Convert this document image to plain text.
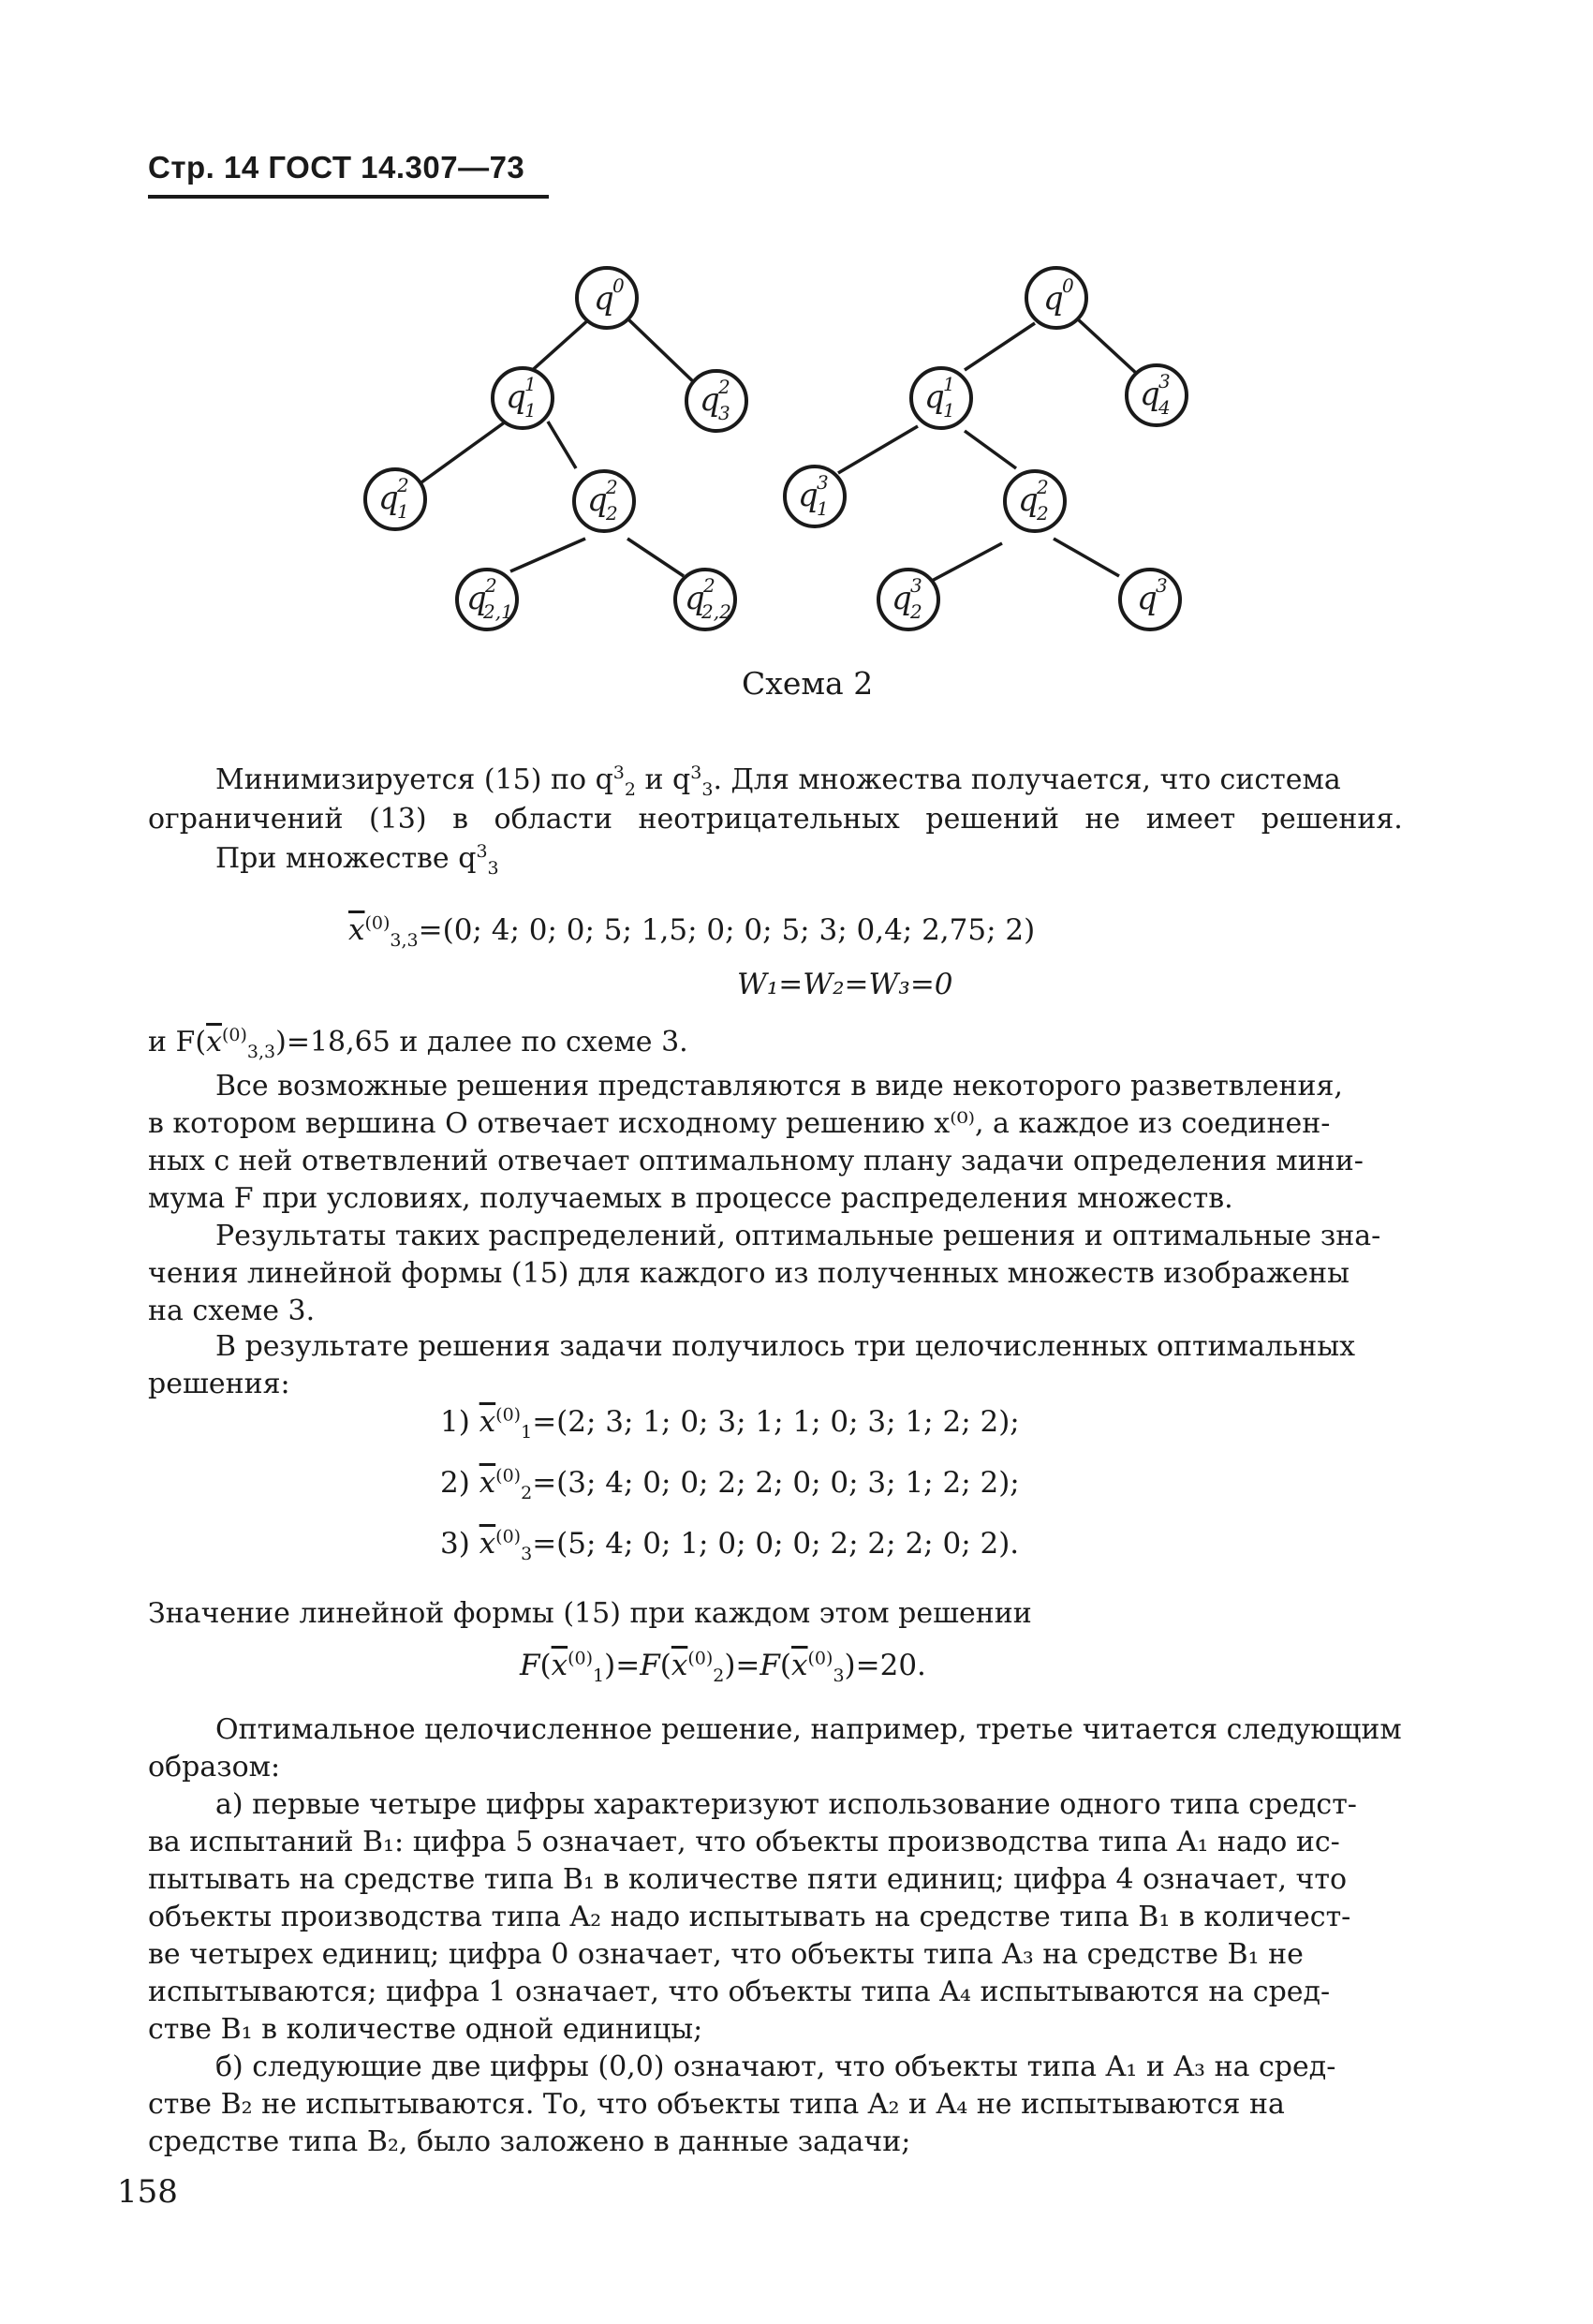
Стр. 14 ГОСТ 14.307—73
q
0
q
1
1	q
2
3
q
2
1	q
2
2
q
2
2,1	q
2
2,2
q
0
q
1
1	q
3
4
q
3
1	q
2
2
q
3
2	q
3
Схема 2
Минимизируется (15) по $q^3_2$ и $q^3_3$. Для множества получается, что система
ограничений (13) в области неотрицательных решений не имеет решения.
При множестве $q^3_3$
$\overline{x}^{(0)}_{3,3}=(0$; 4; 0; 0; 5; 1,5; 0; 0; 5; 3; 0,4; 2,75; 2)
W₁=W₂=W₃=0
и $F(\overline{x}^{(0)}_{3,3})=18,65$ и далее по схеме 3.
Все возможные решения представляются в виде некоторого разветвления,
в котором вершина О отвечает исходному решению x⁽⁰⁾, а каждое из соединен-
ных с ней ответвлений отвечает оптимальному плану задачи определения мини-
мума F при условиях, получаемых в процессе распределения множеств.
Результаты таких распределений, оптимальные решения и оптимальные зна-
чения линейной формы (15) для каждого из полученных множеств изображены
на схеме 3.
В результате решения задачи получилось три целочисленных оптимальных
решения:
1) $\overline{x}^{(0)}_1=(2$; 3; 1; 0; 3; 1; 1; 0; 3; 1; 2; 2);
2) $\overline{x}^{(0)}_2=(3$; 4; 0; 0; 2; 2; 0; 0; 3; 1; 2; 2);
3) $\overline{x}^{(0)}_3=(5$; 4; 0; 1; 0; 0; 0; 2; 2; 2; 0; 2).
Значение линейной формы (15) при каждом этом решении
$F(\overline{x}^{(0)}_1)=F(\overline{x}^{(0)}_2)=F(\overline{x}^{(0)}_3)=20$.
Оптимальное целочисленное решение, например, третье читается следующим
образом:
а) первые четыре цифры характеризуют использование одного типа средст-
ва испытаний B₁: цифра 5 означает, что объекты производства типа A₁ надо ис-
пытывать на средстве типа B₁ в количестве пяти единиц; цифра 4 означает, что
объекты производства типа A₂ надо испытывать на средстве типа B₁ в количест-
ве четырех единиц; цифра 0 означает, что объекты типа A₃ на средстве B₁ не
испытываются; цифра 1 означает, что объекты типа A₄ испытываются на сред-
стве B₁ в количестве одной единицы;
б) следующие две цифры (0,0) означают, что объекты типа A₁ и A₃ на сред-
стве B₂ не испытываются. То, что объекты типа A₂ и A₄ не испытываются на
средстве типа B₂, было заложено в данные задачи;
158
